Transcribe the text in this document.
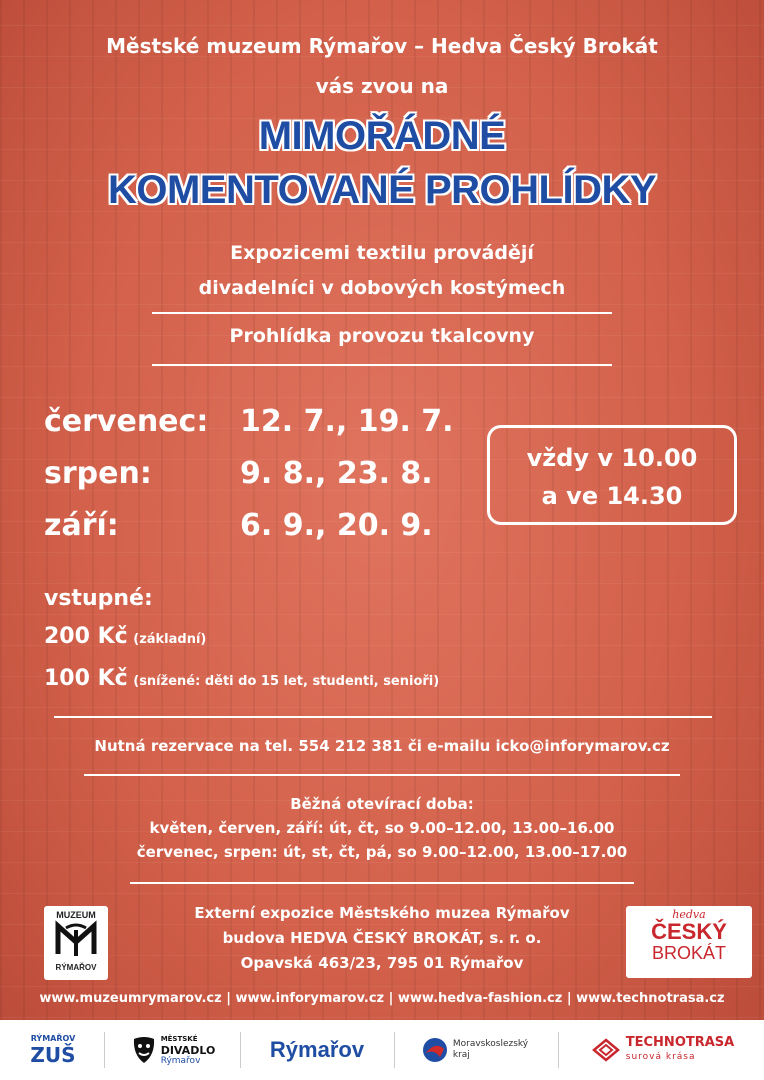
Městské muzeum Rýmařov – Hedva Český Brokát
vás zvou na
MIMOŘÁDNÉ
KOMENTOVANÉ PROHLÍDKY
Expozicemi textilu provádějí
divadelníci v dobových kostýmech
Prohlídka provozu tkalcovny
červenec: 12. 7., 19. 7.
srpen:	9. 8., 23. 8.
září:	6. 9., 20. 9.
vždy v 10.00
a ve 14.30
vstupné:
200 Kč (základní)
100 Kč (snížené: děti do 15 let, studenti, senioři)
Nutná rezervace na tel. 554 212 381 či e-mailu icko@inforymarov.cz
Běžná otevírací doba:
květen, červen, září: út, čt, so 9.00–12.00, 13.00–16.00
červenec, srpen: út, st, čt, pá, so 9.00–12.00, 13.00–17.00
MUZEUM
RÝMAŘOV
Externí expozice Městského muzea Rýmařov
budova HEDVA ČESKÝ BROKÁT, s. r. o.
Opavská 463/23, 795 01 Rýmařov
hedva
ČESKÝ
BROKÁT
www.muzeumrymarov.cz | www.inforymarov.cz | www.hedva-fashion.cz | www.technotrasa.cz
RÝMAŘOV
ZUŠ
MĚSTSKÉ
DIVADLO
Rýmařov	Rýmařov	Moravskoslezský
kraj
TECHNOTRASA
surová krása
